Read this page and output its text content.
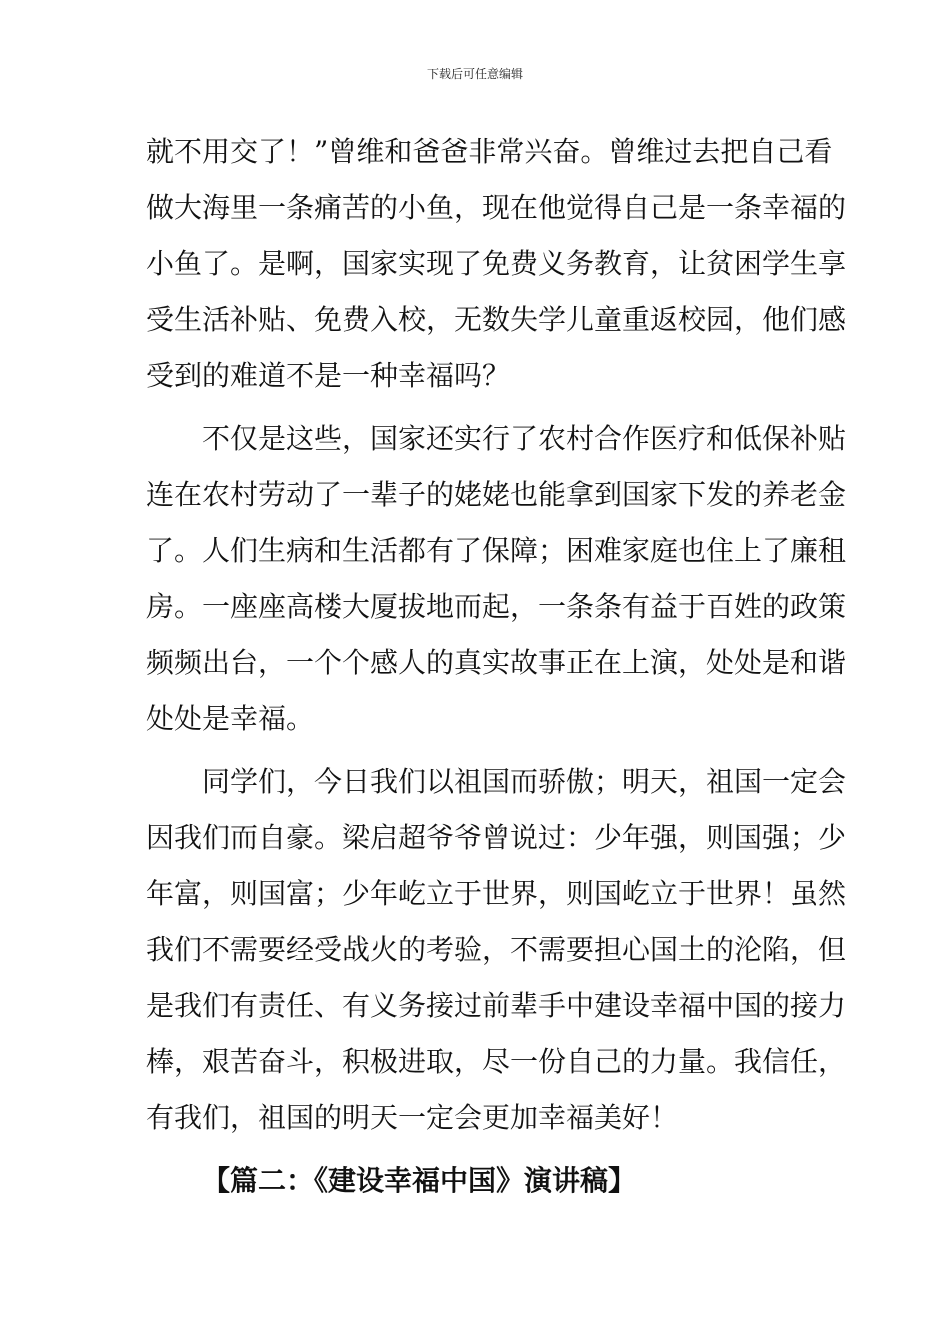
下载后可任意编辑
就不用交了！”曾维和爸爸非常兴奋。曾维过去把自己看
做大海里一条痛苦的小鱼，现在他觉得自己是一条幸福的
小鱼了。是啊，国家实现了免费义务教育，让贫困学生享
受生活补贴、免费入校，无数失学儿童重返校园，他们感
受到的难道不是一种幸福吗？
不仅是这些，国家还实行了农村合作医疗和低保补贴
连在农村劳动了一辈子的姥姥也能拿到国家下发的养老金
了。人们生病和生活都有了保障；困难家庭也住上了廉租
房。一座座高楼大厦拔地而起，一条条有益于百姓的政策
频频出台，一个个感人的真实故事正在上演，处处是和谐
处处是幸福。
同学们，今日我们以祖国而骄傲；明天，祖国一定会
因我们而自豪。梁启超爷爷曾说过：少年强，则国强；少
年富，则国富；少年屹立于世界，则国屹立于世界！虽然
我们不需要经受战火的考验，不需要担心国土的沦陷，但
是我们有责任、有义务接过前辈手中建设幸福中国的接力
棒，艰苦奋斗，积极进取，尽一份自己的力量。我信任，
有我们，祖国的明天一定会更加幸福美好！
【篇二：《建设幸福中国》演讲稿】
